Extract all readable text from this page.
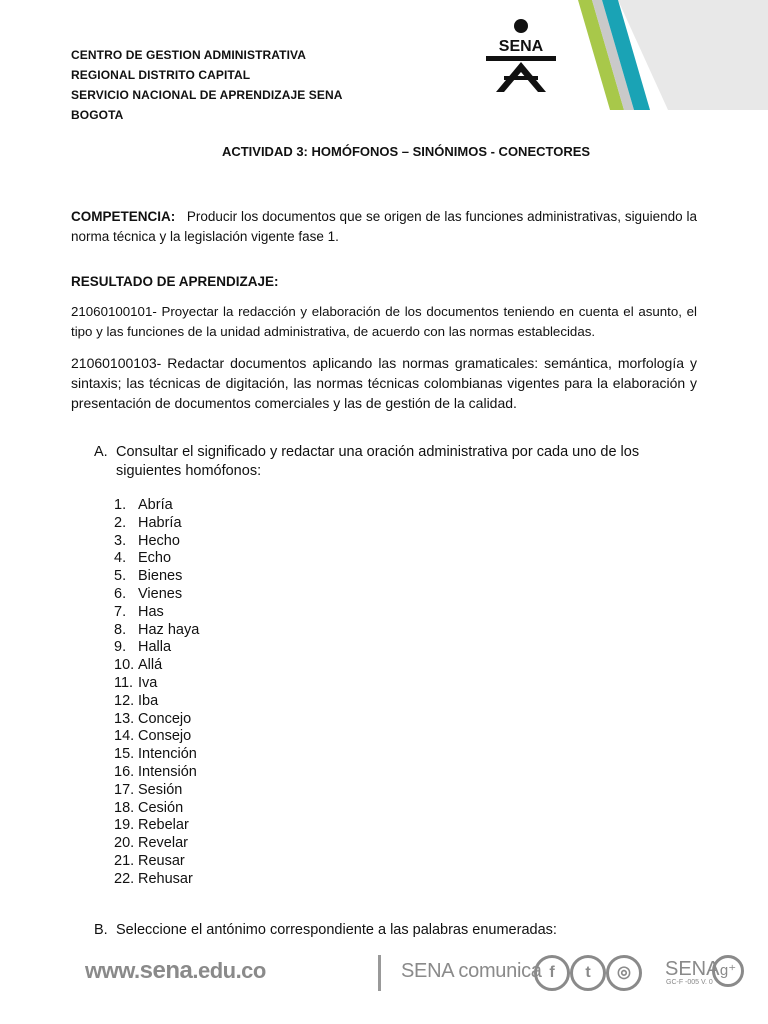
CENTRO DE GESTION ADMINISTRATIVA
REGIONAL DISTRITO CAPITAL
SERVICIO NACIONAL DE APRENDIZAJE SENA
BOGOTA
SENA
ACTIVIDAD 3: HOMÓFONOS – SINÓNIMOS - CONECTORES
COMPETENCIA: Producir los documentos que se origen de las funciones administrativas, siguiendo la norma técnica y la legislación vigente fase 1.
RESULTADO DE APRENDIZAJE:
21060100101- Proyectar la redacción y elaboración de los documentos teniendo en cuenta el asunto, el tipo y las funciones de la unidad administrativa, de acuerdo con las normas establecidas.
21060100103- Redactar documentos aplicando las normas gramaticales: semántica, morfología y sintaxis; las técnicas de digitación, las normas técnicas colombianas vigentes para la elaboración y presentación de documentos comerciales y las de gestión de la calidad.
A. Consultar el significado y redactar una oración administrativa por cada uno de los siguientes homófonos:
1. Abría
2. Habría
3. Hecho
4. Echo
5. Bienes
6. Vienes
7. Has
8. Haz haya
9. Halla
10. Allá
11. Iva
12. Iba
13. Concejo
14. Consejo
15. Intención
16. Intensión
17. Sesión
18. Cesión
19. Rebelar
20. Revelar
21. Reusar
22. Rehusar
B. Seleccione el antónimo correspondiente a las palabras enumeradas:
www.sena.edu.co	SENA comunica f	t	◎	SENA g⁺
GC-F -005 V. 0
